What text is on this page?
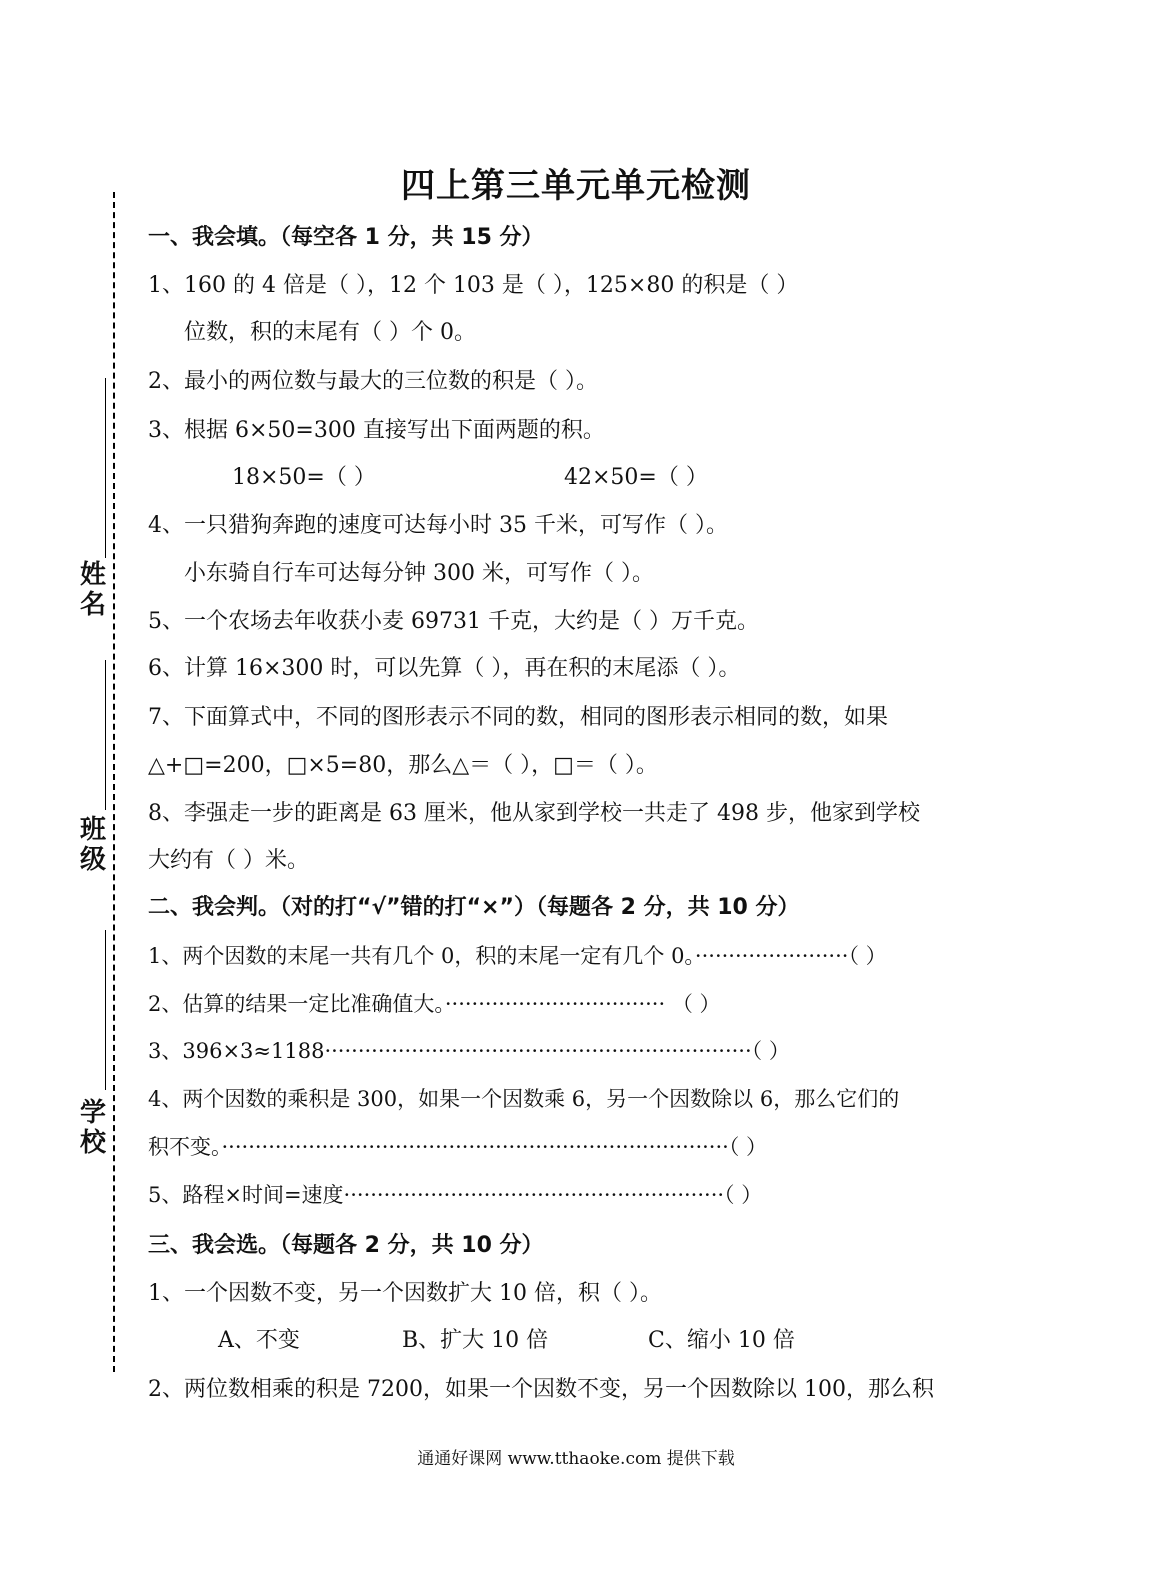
四上第三单元单元检测
姓名
班级
学校
一、我会填。（每空各 1 分，共 15 分）
1、160 的 4 倍是（ ），12 个 103 是（ ），125×80 的积是（ ）
位数，积的末尾有（ ）个 0。
2、最小的两位数与最大的三位数的积是（ ）。
3、根据 6×50=300 直接写出下面两题的积。
18×50=（ ）	42×50=（ ）
4、一只猎狗奔跑的速度可达每小时 35 千米，可写作（ ）。
小东骑自行车可达每分钟 300 米，可写作（ ）。
5、一个农场去年收获小麦 69731 千克，大约是（ ）万千克。
6、计算 16×300 时，可以先算（ ），再在积的末尾添（ ）。
7、下面算式中，不同的图形表示不同的数，相同的图形表示相同的数，如果
△+□=200，□×5=80，那么△＝（ ），□＝（ ）。
8、李强走一步的距离是 63 厘米，他从家到学校一共走了 498 步，他家到学校
大约有（ ）米。
二、我会判。（对的打“√”错的打“×”）（每题各 2 分，共 10 分）
1、两个因数的末尾一共有几个 0，积的末尾一定有几个 0。·······················（ ）
2、估算的结果一定比准确值大。································· （ ）
3、396×3≈1188································································（ ）
4、两个因数的乘积是 300，如果一个因数乘 6，另一个因数除以 6，那么它们的
积不变。············································································（ ）
5、路程×时间=速度·························································（ ）
三、我会选。（每题各 2 分，共 10 分）
1、一个因数不变，另一个因数扩大 10 倍，积（ ）。
A、不变	B、扩大 10 倍	C、缩小 10 倍
2、两位数相乘的积是 7200，如果一个因数不变，另一个因数除以 100，那么积
通通好课网 www.tthaoke.com 提供下载
